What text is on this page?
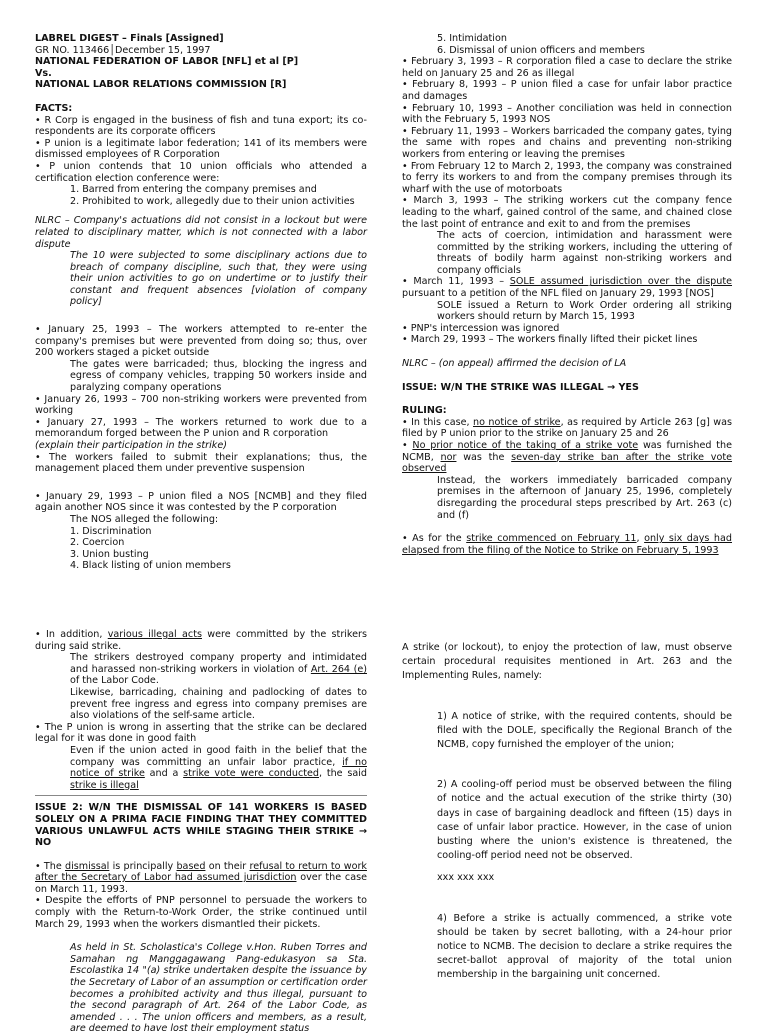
LABREL DIGEST – Finals [Assigned]

GR NO. 113466│December 15, 1997

NATIONAL FEDERATION OF LABOR [NFL] et al [P]

Vs.

NATIONAL LABOR RELATIONS COMMISSION [R]

FACTS:

• R Corp is engaged in the business of fish and tuna export; its co-respondents are its corporate officers

• P union is a legitimate labor federation; 141 of its members were dismissed employees of R Corporation

• P union contends that 10 union officials who attended a certification election conference were:

1. Barred from entering the company premises and

2. Prohibited to work, allegedly due to their union activities

NLRC – Company's actuations did not consist in a lockout but were related to disciplinary matter, which is not connected with a labor dispute

The 10 were subjected to some disciplinary actions due to breach of company discipline, such that, they were using their union activities to go on undertime or to justify their constant and frequent absences [violation of company policy]

• January 25, 1993 – The workers attempted to re-enter the company's premises but were prevented from doing so; thus, over 200 workers staged a picket outside

The gates were barricaded; thus, blocking the ingress and egress of company vehicles, trapping 50 workers inside and paralyzing company operations

• January 26, 1993 – 700 non-striking workers were prevented from working

• January 27, 1993 – The workers returned to work due to a memorandum forged between the P union and R corporation

(explain their participation in the strike)

• The workers failed to submit their explanations; thus, the management placed them under preventive suspension

• January 29, 1993 – P union filed a NOS [NCMB] and they filed again another NOS since it was contested by the P corporation

The NOS alleged the following:

1. Discrimination

2. Coercion

3. Union busting

4. Black listing of union members

5. Intimidation

6. Dismissal of union officers and members

• February 3, 1993 – R corporation filed a case to declare the strike held on January 25 and 26 as illegal

• February 8, 1993 – P union filed a case for unfair labor practice and damages

• February 10, 1993 – Another conciliation was held in connection with the February 5, 1993 NOS

• February 11, 1993 – Workers barricaded the company gates, tying the same with ropes and chains and preventing non-striking workers from entering or leaving the premises

• From February 12 to March 2, 1993, the company was constrained to ferry its workers to and from the company premises through its wharf with the use of motorboats

• March 3, 1993 – The striking workers cut the company fence leading to the wharf, gained control of the same, and chained close the last point of entrance and exit to and from the premises

The acts of coercion, intimidation and harassment were committed by the striking workers, including the uttering of threats of bodily harm against non-striking workers and company officials

• March 11, 1993 – SOLE assumed jurisdiction over the dispute pursuant to a petition of the NFL filed on January 29, 1993 [NOS]

SOLE issued a Return to Work Order ordering all striking workers should return by March 15, 1993

• PNP's intercession was ignored

• March 29, 1993 – The workers finally lifted their picket lines

NLRC – (on appeal) affirmed the decision of LA

ISSUE: W/N THE STRIKE WAS ILLEGAL → YES

RULING:

• In this case, no notice of strike, as required by Article 263 [g] was filed by P union prior to the strike on January 25 and 26

• No prior notice of the taking of a strike vote was furnished the NCMB, nor was the seven-day strike ban after the strike vote observed

Instead, the workers immediately barricaded company premises in the afternoon of January 25, 1996, completely disregarding the procedural steps prescribed by Art. 263 (c) and (f)

• As for the strike commenced on February 11, only six days had elapsed from the filing of the Notice to Strike on February 5, 1993

• In addition, various illegal acts were committed by the strikers during said strike.

The strikers destroyed company property and intimidated and harassed non-striking workers in violation of Art. 264 (e) of the Labor Code.

Likewise, barricading, chaining and padlocking of dates to prevent free ingress and egress into company premises are also violations of the self-same article.

• The P union is wrong in asserting that the strike can be declared legal for it was done in good faith

Even if the union acted in good faith in the belief that the company was committing an unfair labor practice, if no notice of strike and a strike vote were conducted, the said strike is illegal

ISSUE 2: W/N THE DISMISSAL OF 141 WORKERS IS BASED SOLELY ON A PRIMA FACIE FINDING THAT THEY COMMITTED VARIOUS UNLAWFUL ACTS WHILE STAGING THEIR STRIKE → NO

• The dismissal is principally based on their refusal to return to work after the Secretary of Labor had assumed jurisdiction over the case on March 11, 1993.

• Despite the efforts of PNP personnel to persuade the workers to comply with the Return-to-Work Order, the strike continued until March 29, 1993 when the workers dismantled their pickets.

As held in St. Scholastica's College v.Hon. Ruben Torres and Samahan ng Manggagawang Pang-edukasyon sa Sta. Escolastika 14 "(a) strike undertaken despite the issuance by the Secretary of Labor of an assumption or certification order becomes a prohibited activity and thus illegal, pursuant to the second paragraph of Art. 264 of the Labor Code, as amended . . . The union officers and members, as a result, are deemed to have lost their employment status

A strike (or lockout), to enjoy the protection of law, must observe certain procedural requisites mentioned in Art. 263 and the Implementing Rules, namely:

1) A notice of strike, with the required contents, should be filed with the DOLE, specifically the Regional Branch of the NCMB, copy furnished the employer of the union;

2) A cooling-off period must be observed between the filing of notice and the actual execution of the strike thirty (30) days in case of bargaining deadlock and fifteen (15) days in case of unfair labor practice. However, in the case of union busting where the union's existence is threatened, the cooling-off period need not be observed.

xxx xxx xxx

4) Before a strike is actually commenced, a strike vote should be taken by secret balloting, with a 24-hour prior notice to NCMB. The decision to declare a strike requires the secret-ballot approval of majority of the total union membership in the bargaining unit concerned.
